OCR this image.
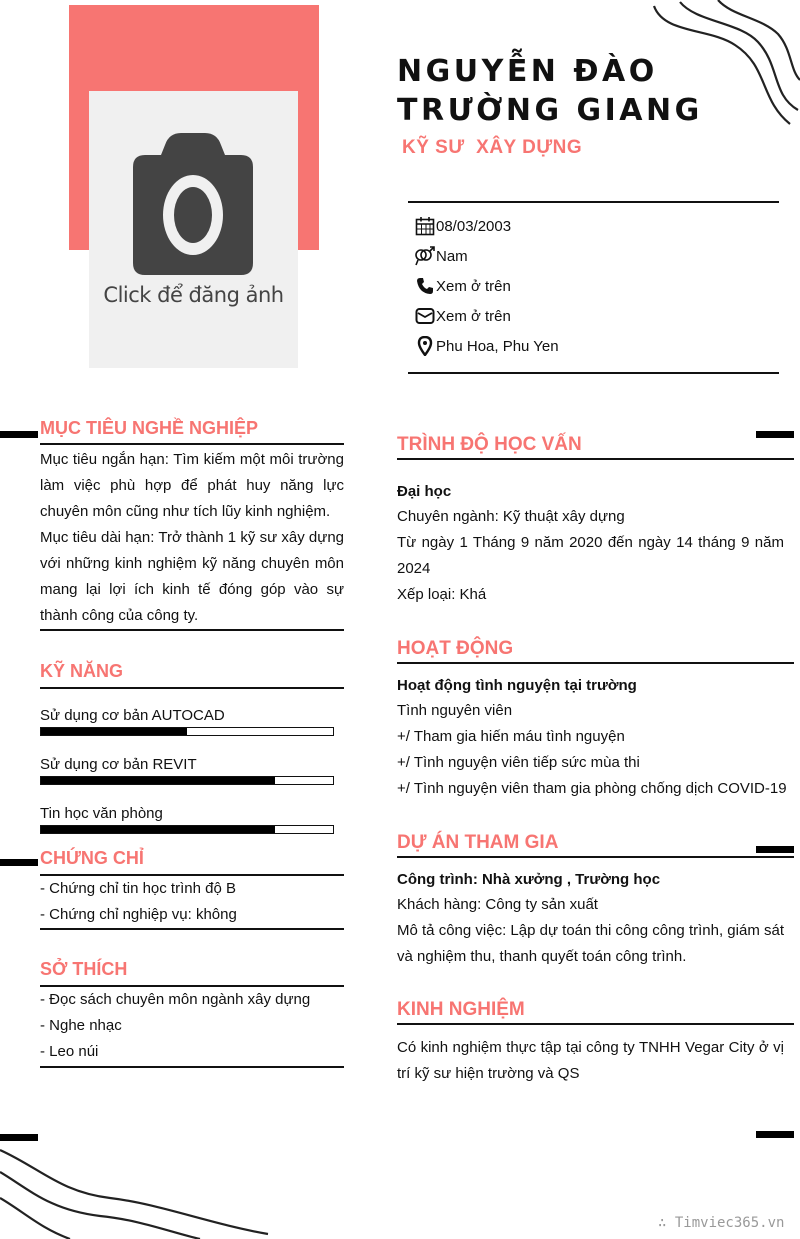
Click để đăng ảnh
NGUYỄN ĐÀO
TRƯỜNG GIANG
KỸ SƯ  XÂY DỰNG
08/03/2003
Nam
Xem ở trên
Xem ở trên
Phu Hoa, Phu Yen
MỤC TIÊU NGHỀ NGHIỆP
Mục tiêu ngắn hạn: Tìm kiếm một môi trường làm việc phù hợp để phát huy năng lực chuyên môn cũng như tích lũy kinh nghiệm.
Mục tiêu dài hạn: Trở thành 1 kỹ sư xây dựng với những kinh nghiệm kỹ năng chuyên môn mang lại lợi ích kinh tế đóng góp vào sự thành công của công ty.
KỸ NĂNG
Sử dụng cơ bản AUTOCAD
Sử dụng cơ bản REVIT
Tin học văn phòng
CHỨNG CHỈ
- Chứng chỉ tin học trình độ B
- Chứng chỉ nghiệp vụ: không
SỞ THÍCH
- Đọc sách chuyên môn ngành xây dựng
- Nghe nhạc
- Leo núi
TRÌNH ĐỘ HỌC VẤN
Đại học
Chuyên ngành: Kỹ thuật xây dựng
Từ ngày 1 Tháng 9 năm 2020 đến ngày 14 tháng 9 năm 2024
Xếp loại: Khá
HOẠT ĐỘNG
Hoạt động tình nguyện tại trường
Tình nguyên viên
+/ Tham gia hiến máu tình nguyện
+/ Tình nguyện viên tiếp sức mùa thi
+/ Tình nguyện viên tham gia phòng chống dịch COVID-19
DỰ ÁN THAM GIA
Công trình: Nhà xưởng , Trường học
Khách hàng: Công ty sản xuất
Mô tả công việc: Lập dự toán thi công công trình, giám sát và nghiệm thu, thanh quyết toán công trình.
KINH NGHIỆM
Có kinh nghiệm thực tập tại công ty TNHH Vegar City ở vị trí kỹ sư hiện trường và QS
∴ Timviec365.vn
